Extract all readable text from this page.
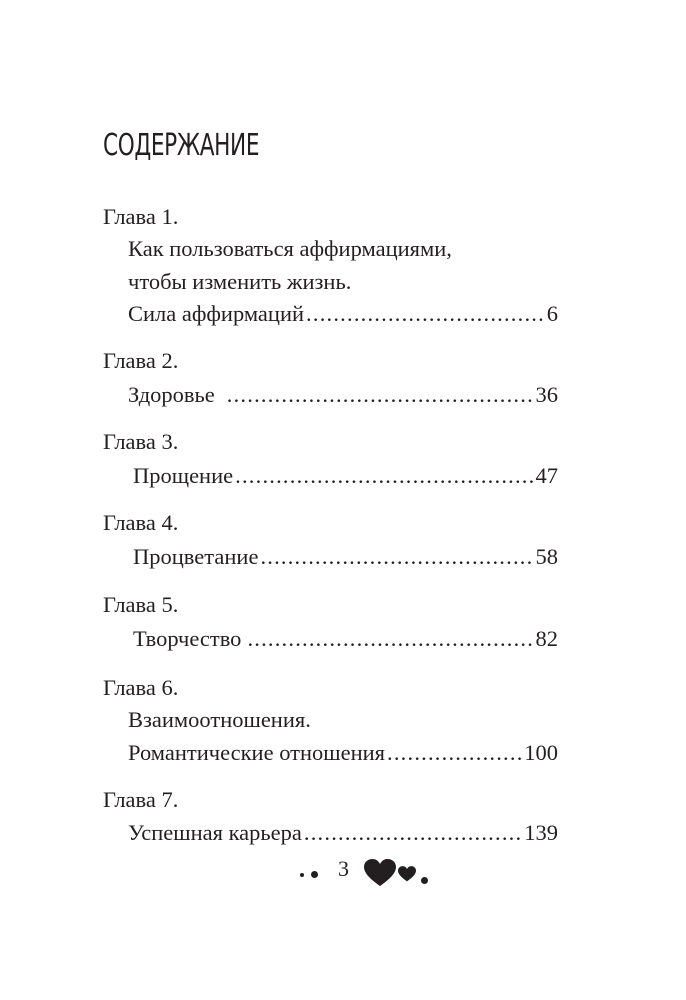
СОДЕРЖАНИЕ
Глава 1.
Как пользоваться аффирмациями,
чтобы изменить жизнь.
Сила аффирмаций .....	6
Глава 2.
Здоровье .....	36
Глава 3.
Прощение .....	47
Глава 4.
Процветание .....	58
Глава 5.
Творчество .....	82
Глава 6.
Взаимоотношения.
Романтические отношения .....	100
Глава 7.
Успешная карьера .....	139
3
